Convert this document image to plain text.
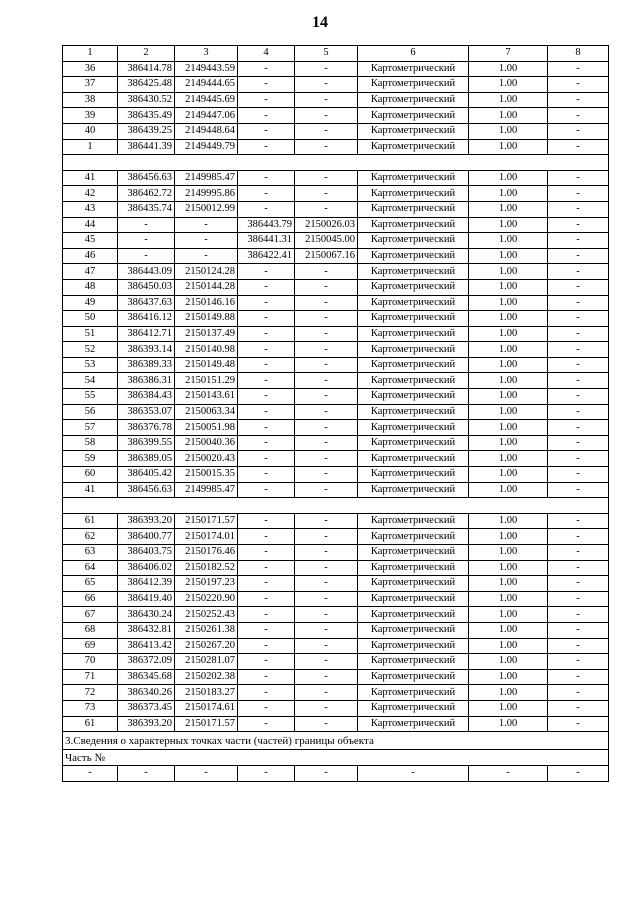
14
1	2	3	4	5	6	7	8
36	386414.78	2149443.59	-	-	Картометрический	1.00	-
37	386425.48	2149444.65	-	-	Картометрический	1.00	-
38	386430.52	2149445.69	-	-	Картометрический	1.00	-
39	386435.49	2149447.06	-	-	Картометрический	1.00	-
40	386439.25	2149448.64	-	-	Картометрический	1.00	-
1	386441.39	2149449.79	-	-	Картометрический	1.00	-

41	386456.63	2149985.47	-	-	Картометрический	1.00	-
42	386462.72	2149995.86	-	-	Картометрический	1.00	-
43	386435.74	2150012.99	-	-	Картометрический	1.00	-
44	-	-	386443.79	2150026.03	Картометрический	1.00	-
45	-	-	386441.31	2150045.00	Картометрический	1.00	-
46	-	-	386422.41	2150067.16	Картометрический	1.00	-
47	386443.09	2150124.28	-	-	Картометрический	1.00	-
48	386450.03	2150144.28	-	-	Картометрический	1.00	-
49	386437.63	2150146.16	-	-	Картометрический	1.00	-
50	386416.12	2150149.88	-	-	Картометрический	1.00	-
51	386412.71	2150137.49	-	-	Картометрический	1.00	-
52	386393.14	2150140.98	-	-	Картометрический	1.00	-
53	386389.33	2150149.48	-	-	Картометрический	1.00	-
54	386386.31	2150151.29	-	-	Картометрический	1.00	-
55	386384.43	2150143.61	-	-	Картометрический	1.00	-
56	386353.07	2150063.34	-	-	Картометрический	1.00	-
57	386376.78	2150051.98	-	-	Картометрический	1.00	-
58	386399.55	2150040.36	-	-	Картометрический	1.00	-
59	386389.05	2150020.43	-	-	Картометрический	1.00	-
60	386405.42	2150015.35	-	-	Картометрический	1.00	-
41	386456.63	2149985.47	-	-	Картометрический	1.00	-

61	386393.20	2150171.57	-	-	Картометрический	1.00	-
62	386400.77	2150174.01	-	-	Картометрический	1.00	-
63	386403.75	2150176.46	-	-	Картометрический	1.00	-
64	386406.02	2150182.52	-	-	Картометрический	1.00	-
65	386412.39	2150197.23	-	-	Картометрический	1.00	-
66	386419.40	2150220.90	-	-	Картометрический	1.00	-
67	386430.24	2150252.43	-	-	Картометрический	1.00	-
68	386432.81	2150261.38	-	-	Картометрический	1.00	-
69	386413.42	2150267.20	-	-	Картометрический	1.00	-
70	386372.09	2150281.07	-	-	Картометрический	1.00	-
71	386345.68	2150202.38	-	-	Картометрический	1.00	-
72	386340.26	2150183.27	-	-	Картометрический	1.00	-
73	386373.45	2150174.61	-	-	Картометрический	1.00	-
61	386393.20	2150171.57	-	-	Картометрический	1.00	-
3.Сведения о характерных точках части (частей) границы объекта							
Часть №							
-	-	-	-	-	-	-	-
